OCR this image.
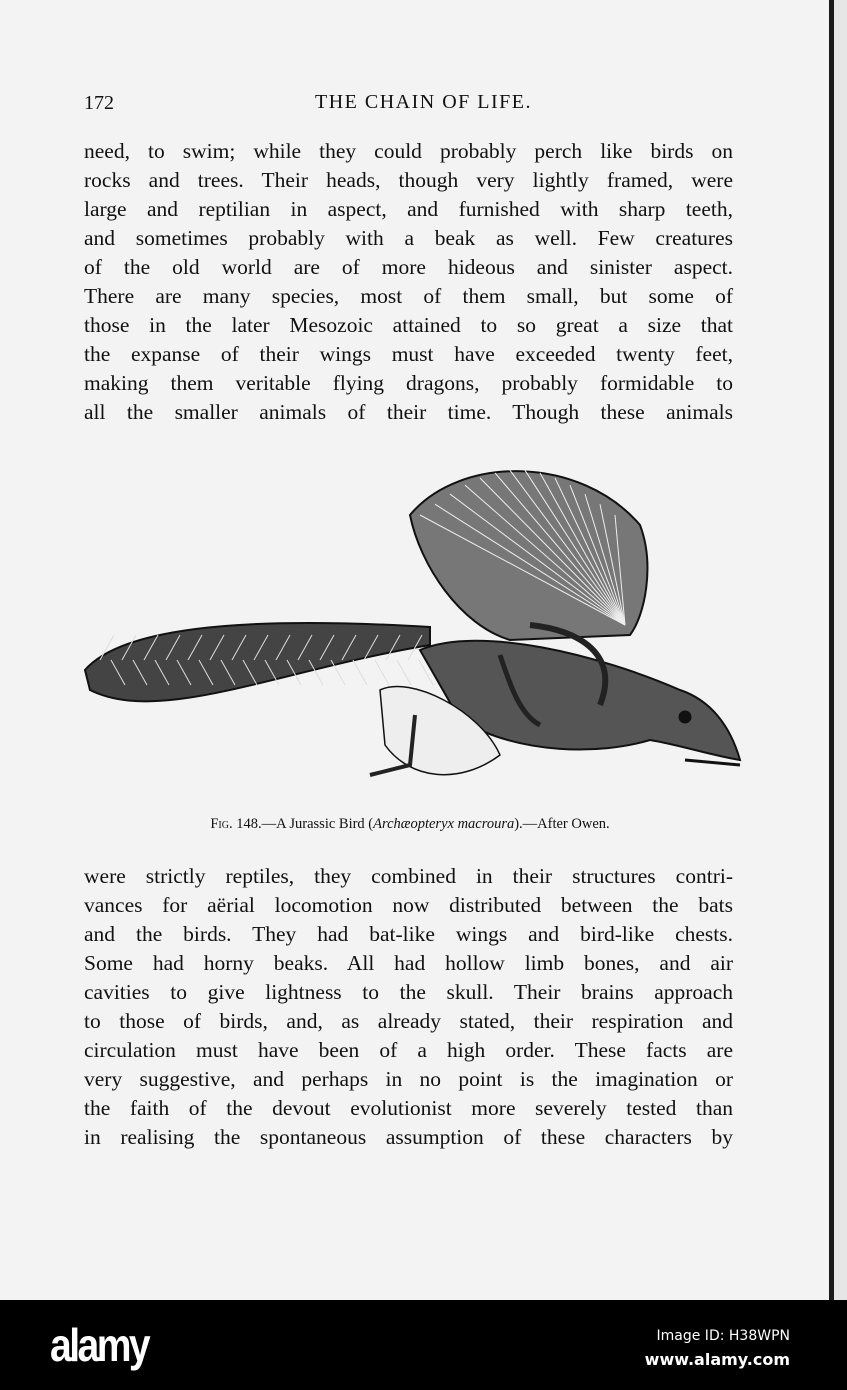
172	THE CHAIN OF LIFE.
need, to swim; while they could probably perch like birds on
rocks and trees. Their heads, though very lightly framed, were
large and reptilian in aspect, and furnished with sharp teeth,
and sometimes probably with a beak as well. Few creatures
of the old world are of more hideous and sinister aspect.
There are many species, most of them small, but some of
those in the later Mesozoic attained to so great a size that
the expanse of their wings must have exceeded twenty feet,
making them veritable flying dragons, probably formidable to
all the smaller animals of their time. Though these animals
Fig. 148.—A Jurassic Bird (Archæopteryx macroura).—After Owen.
were strictly reptiles, they combined in their structures contri-
vances for aërial locomotion now distributed between the bats
and the birds. They had bat-like wings and bird-like chests.
Some had horny beaks. All had hollow limb bones, and air
cavities to give lightness to the skull. Their brains approach
to those of birds, and, as already stated, their respiration and
circulation must have been of a high order. These facts are
very suggestive, and perhaps in no point is the imagination or
the faith of the devout evolutionist more severely tested than
in realising the spontaneous assumption of these characters by
alamy	Image ID: H38WPN
www.alamy.com
